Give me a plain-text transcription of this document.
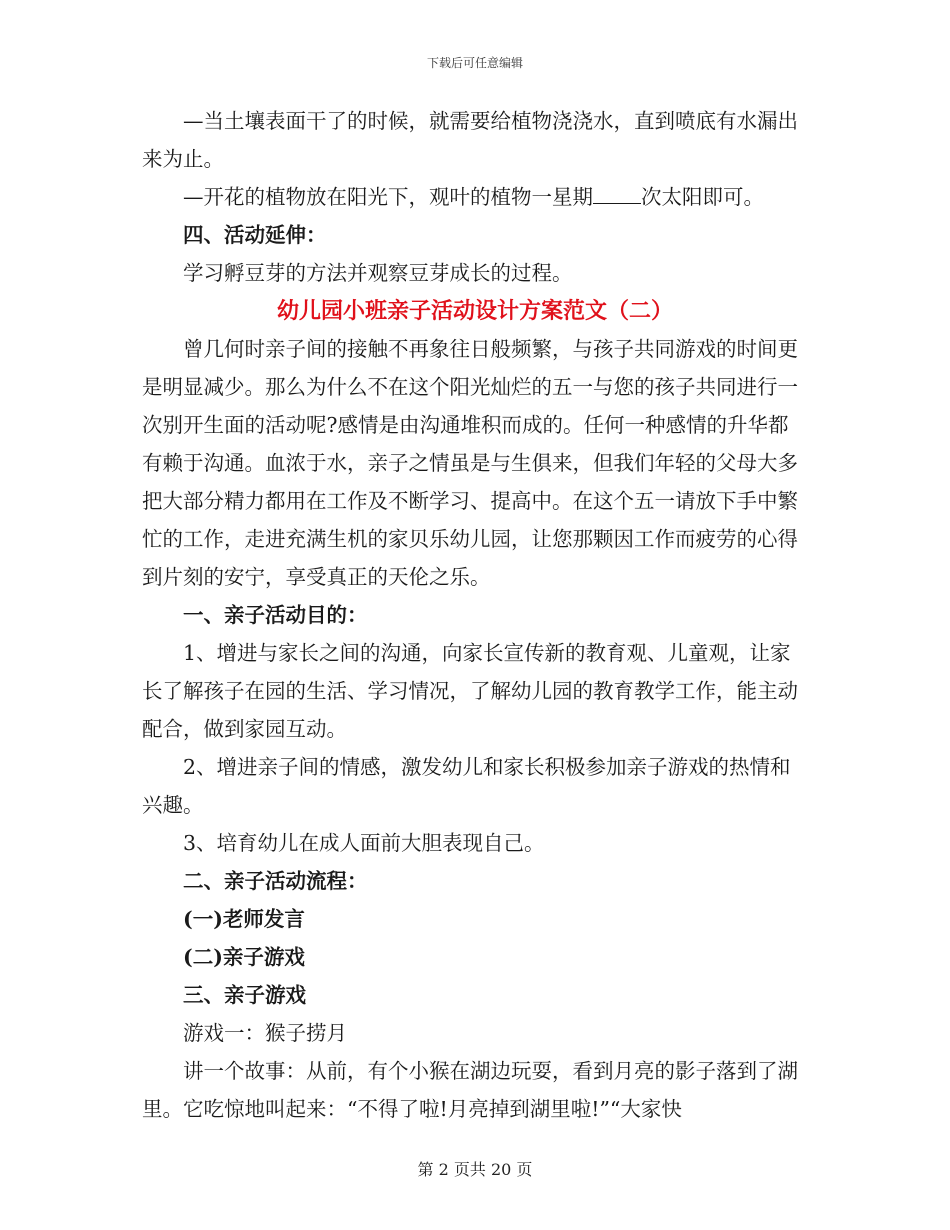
下载后可任意编辑

—当土壤表面干了的时候，就需要给植物浇浇水，直到喷底有水漏出来为止。

—开花的植物放在阳光下，观叶的植物一星期 次太阳即可。

四、活动延伸：

学习孵豆芽的方法并观察豆芽成长的过程。

幼儿园小班亲子活动设计方案范文（二）

曾几何时亲子间的接触不再象往日般频繁，与孩子共同游戏的时间更是明显减少。那么为什么不在这个阳光灿烂的五一与您的孩子共同进行一次别开生面的活动呢?感情是由沟通堆积而成的。任何一种感情的升华都有赖于沟通。血浓于水，亲子之情虽是与生俱来，但我们年轻的父母大多把大部分精力都用在工作及不断学习、提高中。在这个五一请放下手中繁忙的工作，走进充满生机的家贝乐幼儿园，让您那颗因工作而疲劳的心得到片刻的安宁，享受真正的天伦之乐。

一、亲子活动目的：

1、增进与家长之间的沟通，向家长宣传新的教育观、儿童观，让家长了解孩子在园的生活、学习情况，了解幼儿园的教育教学工作，能主动配合，做到家园互动。

2、增进亲子间的情感，激发幼儿和家长积极参加亲子游戏的热情和兴趣。

3、培育幼儿在成人面前大胆表现自己。

二、亲子活动流程：

(一)老师发言

(二)亲子游戏

三、亲子游戏

游戏一：猴子捞月

讲一个故事：从前，有个小猴在湖边玩耍，看到月亮的影子落到了湖里。它吃惊地叫起来：“不得了啦!月亮掉到湖里啦!”“大家快

第 2 页共 20 页
